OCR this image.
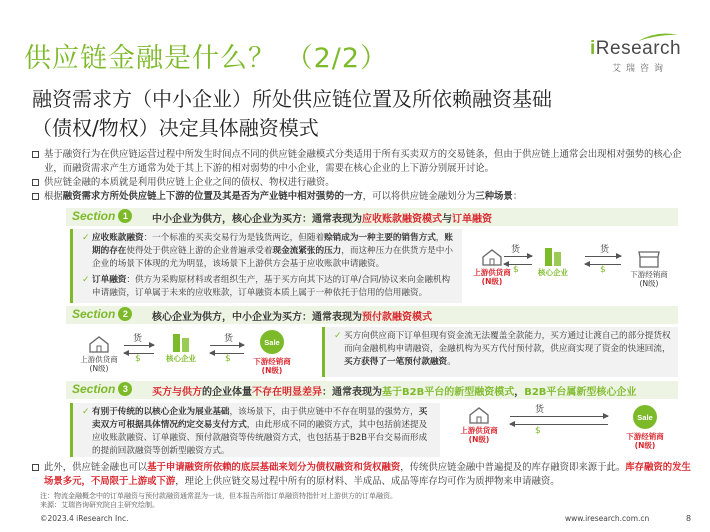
供应链金融是什么？ （2/2）	iResearch
艾瑞咨询
融资需求方（中小企业）所处供应链位置及所依赖融资基础
（债权/物权）决定具体融资模式
基于融资行为在供应链运营过程中所发生时间点不同的供应链金融模式分类适用于所有买卖双方的交易链条，但由于供应链上通常会出现相对强势的核心企业，而融资需求产生方通常为处于其上下游的相对弱势的中小企业，需要在核心企业的上下游分别展开讨论。
供应链金融的本质就是利用供应链上企业之间的债权、物权进行融资。
根据融资需求方所处供应链上下游的位置及其是否为产业链中相对强势的一方，可以将供应链金融划分为三种场景：
Section 1	中小企业为供方，核心企业为买方：通常表现为应收账款融资模式与订单融资
✓ 应收账款融资：一个标准的买卖交易行为是钱货两讫，但随着赊销成为一种主要的销售方式，账期的存在使得处于供应链上游的企业普遍承受着现金流紧张的压力，而这种压力在供货方是中小企业的场景下体现的尤为明显，该场景下上游供方会基于应收账款申请融资。
✓ 订单融资：供方为采购原材料或者组织生产，基于买方向其下达的订单/合同/协议来向金融机构申请融资，订单属于未来的应收账款，订单融资本质上属于一种依托于信用的信用融资。
上游供货商
(N级)
货
$	核心企业
货
$	下游经销商
(N级)
Section 2	核心企业为供方，中小企业为买方：通常表现为预付款融资模式
上游供货商
(N级)
货
$	核心企业
货
$
Sale
下游经销商
(N级)
✓ 买方向供应商下订单但现有资金流无法覆盖全款能力，买方通过让渡自己的部分提货权而向金融机构申请融资，金融机构为买方代付预付款，供应商实现了资金的快速回流，买方获得了一笔预付款融资。
Section 3	买方与供方的企业体量不存在明显差异：通常表现为基于B2B平台的新型融资模式，B2B平台属新型核心企业
✓ 有别于传统的以核心企业为展业基础，该场景下，由于供应链中不存在明显的强势方，买卖双方可根据具体情况约定交易支付方式，由此形成不同的融资方式，其中包括前述提及应收账款融资、订单融资、预付款融资等传统融资方式，也包括基于B2B平台交易而形成的提前回款融资等创新型融资方式。
上游供货商
(N级)
货
$
Sale
下游经销商
(N级)
此外，供应链金融也可以基于申请融资所依赖的底层基础来划分为债权融资和货权融资，传统供应链金融中普遍提及的库存融资即来源于此。库存融资的发生场景多元，不局限于上游或下游，理论上供应链交易过程中所有的原材料、半成品、成品等库存均可作为质押物来申请融资。
注：物流金融概念中的订单融资与预付款融资通常混为一谈，但本报告所指订单融资特指针对上游供方的订单融资。
来源：艾瑞咨询研究院自主研究绘制。
©2023.4 iResearch Inc.	www.iresearch.com.cn	8
